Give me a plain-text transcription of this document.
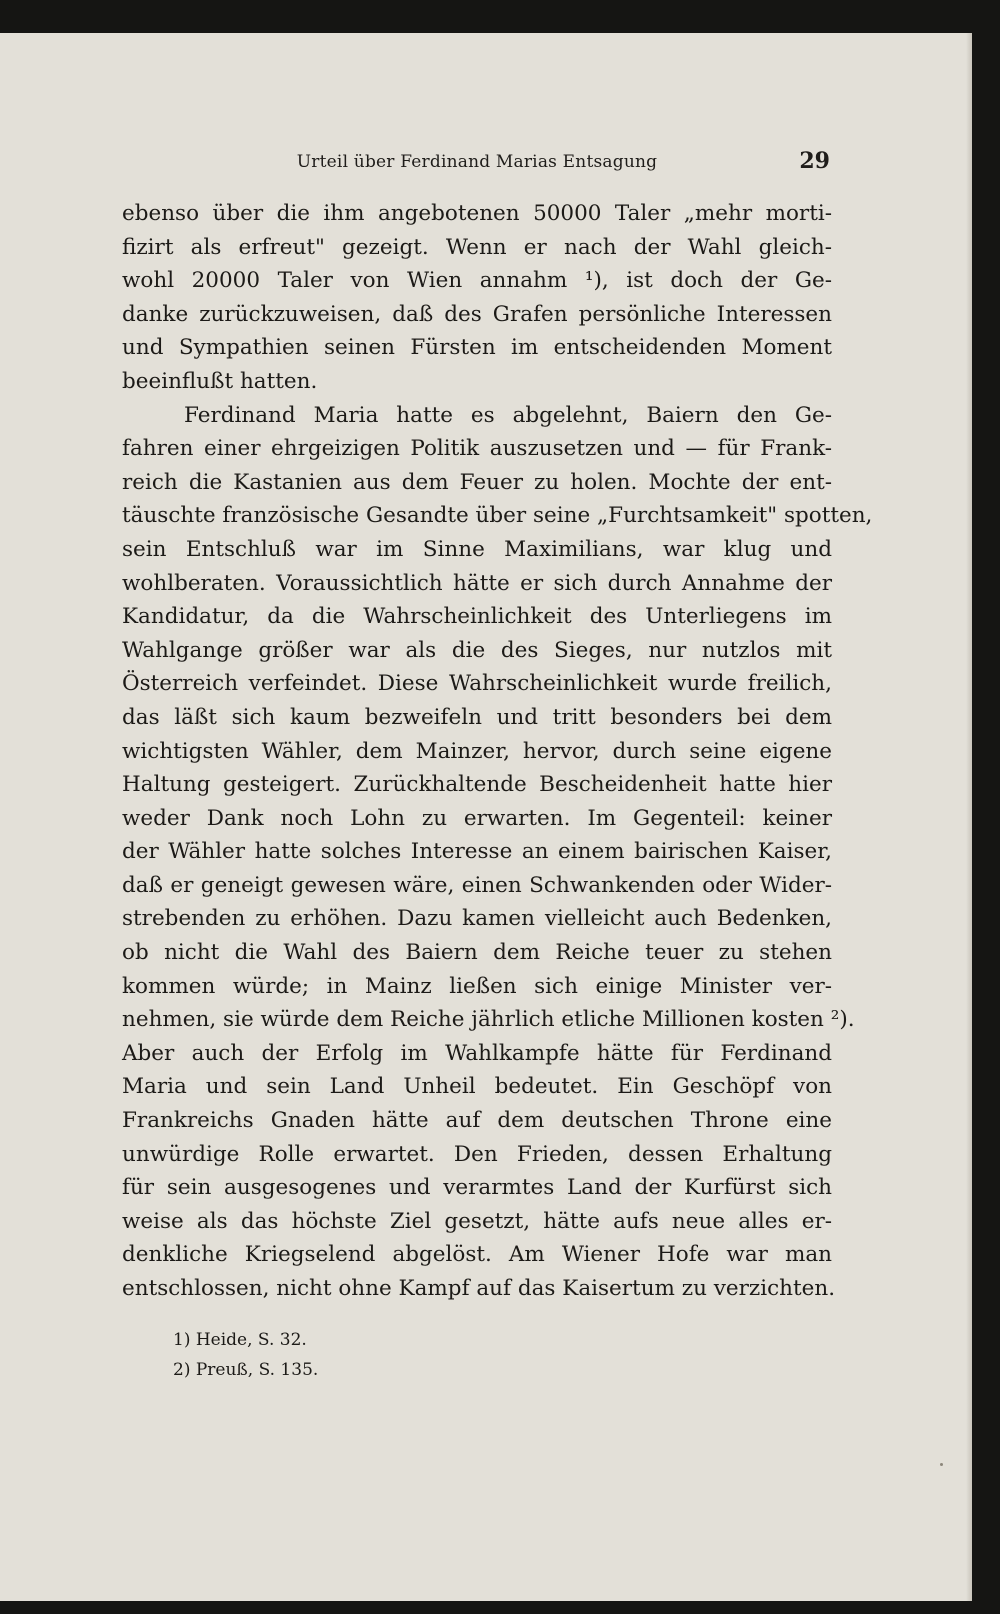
Urteil über Ferdinand Marias Entsagung	29
ebenso über die ihm angebotenen 50000 Taler „mehr morti-
fizirt als erfreut" gezeigt. Wenn er nach der Wahl gleich-
wohl 20000 Taler von Wien annahm ¹), ist doch der Ge-
danke zurückzuweisen, daß des Grafen persönliche Interessen
und Sympathien seinen Fürsten im entscheidenden Moment
beeinflußt hatten.
Ferdinand Maria hatte es abgelehnt, Baiern den Ge-
fahren einer ehrgeizigen Politik auszusetzen und — für Frank-
reich die Kastanien aus dem Feuer zu holen. Mochte der ent-
täuschte französische Gesandte über seine „Furchtsamkeit" spotten,
sein Entschluß war im Sinne Maximilians, war klug und
wohlberaten. Voraussichtlich hätte er sich durch Annahme der
Kandidatur, da die Wahrscheinlichkeit des Unterliegens im
Wahlgange größer war als die des Sieges, nur nutzlos mit
Österreich verfeindet. Diese Wahrscheinlichkeit wurde freilich,
das läßt sich kaum bezweifeln und tritt besonders bei dem
wichtigsten Wähler, dem Mainzer, hervor, durch seine eigene
Haltung gesteigert. Zurückhaltende Bescheidenheit hatte hier
weder Dank noch Lohn zu erwarten. Im Gegenteil: keiner
der Wähler hatte solches Interesse an einem bairischen Kaiser,
daß er geneigt gewesen wäre, einen Schwankenden oder Wider-
strebenden zu erhöhen. Dazu kamen vielleicht auch Bedenken,
ob nicht die Wahl des Baiern dem Reiche teuer zu stehen
kommen würde; in Mainz ließen sich einige Minister ver-
nehmen, sie würde dem Reiche jährlich etliche Millionen kosten ²).
Aber auch der Erfolg im Wahlkampfe hätte für Ferdinand
Maria und sein Land Unheil bedeutet. Ein Geschöpf von
Frankreichs Gnaden hätte auf dem deutschen Throne eine
unwürdige Rolle erwartet. Den Frieden, dessen Erhaltung
für sein ausgesogenes und verarmtes Land der Kurfürst sich
weise als das höchste Ziel gesetzt, hätte aufs neue alles er-
denkliche Kriegselend abgelöst. Am Wiener Hofe war man
entschlossen, nicht ohne Kampf auf das Kaisertum zu verzichten.
1) Heide, S. 32.
2) Preuß, S. 135.
